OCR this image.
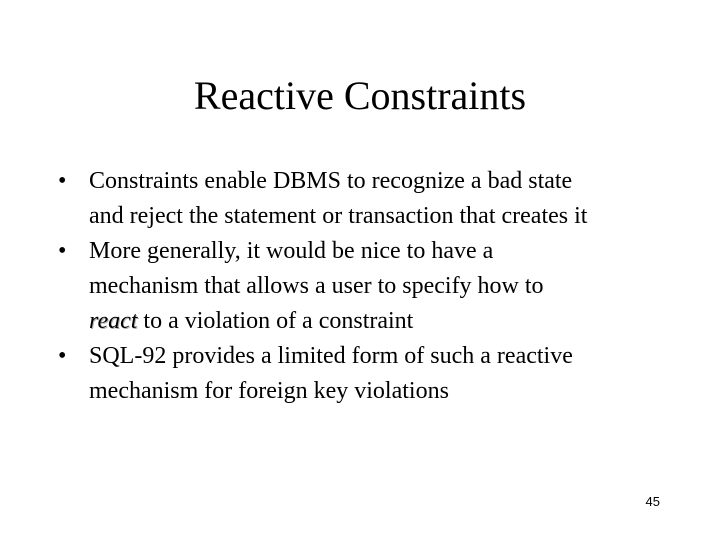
Reactive Constraints
• Constraints enable DBMS to recognize a bad state
and reject the statement or transaction that creates it
• More generally, it would be nice to have a
mechanism that allows a user to specify how to
react to a violation of a constraint
• SQL-92 provides a limited form of such a reactive
mechanism for foreign key violations
45
